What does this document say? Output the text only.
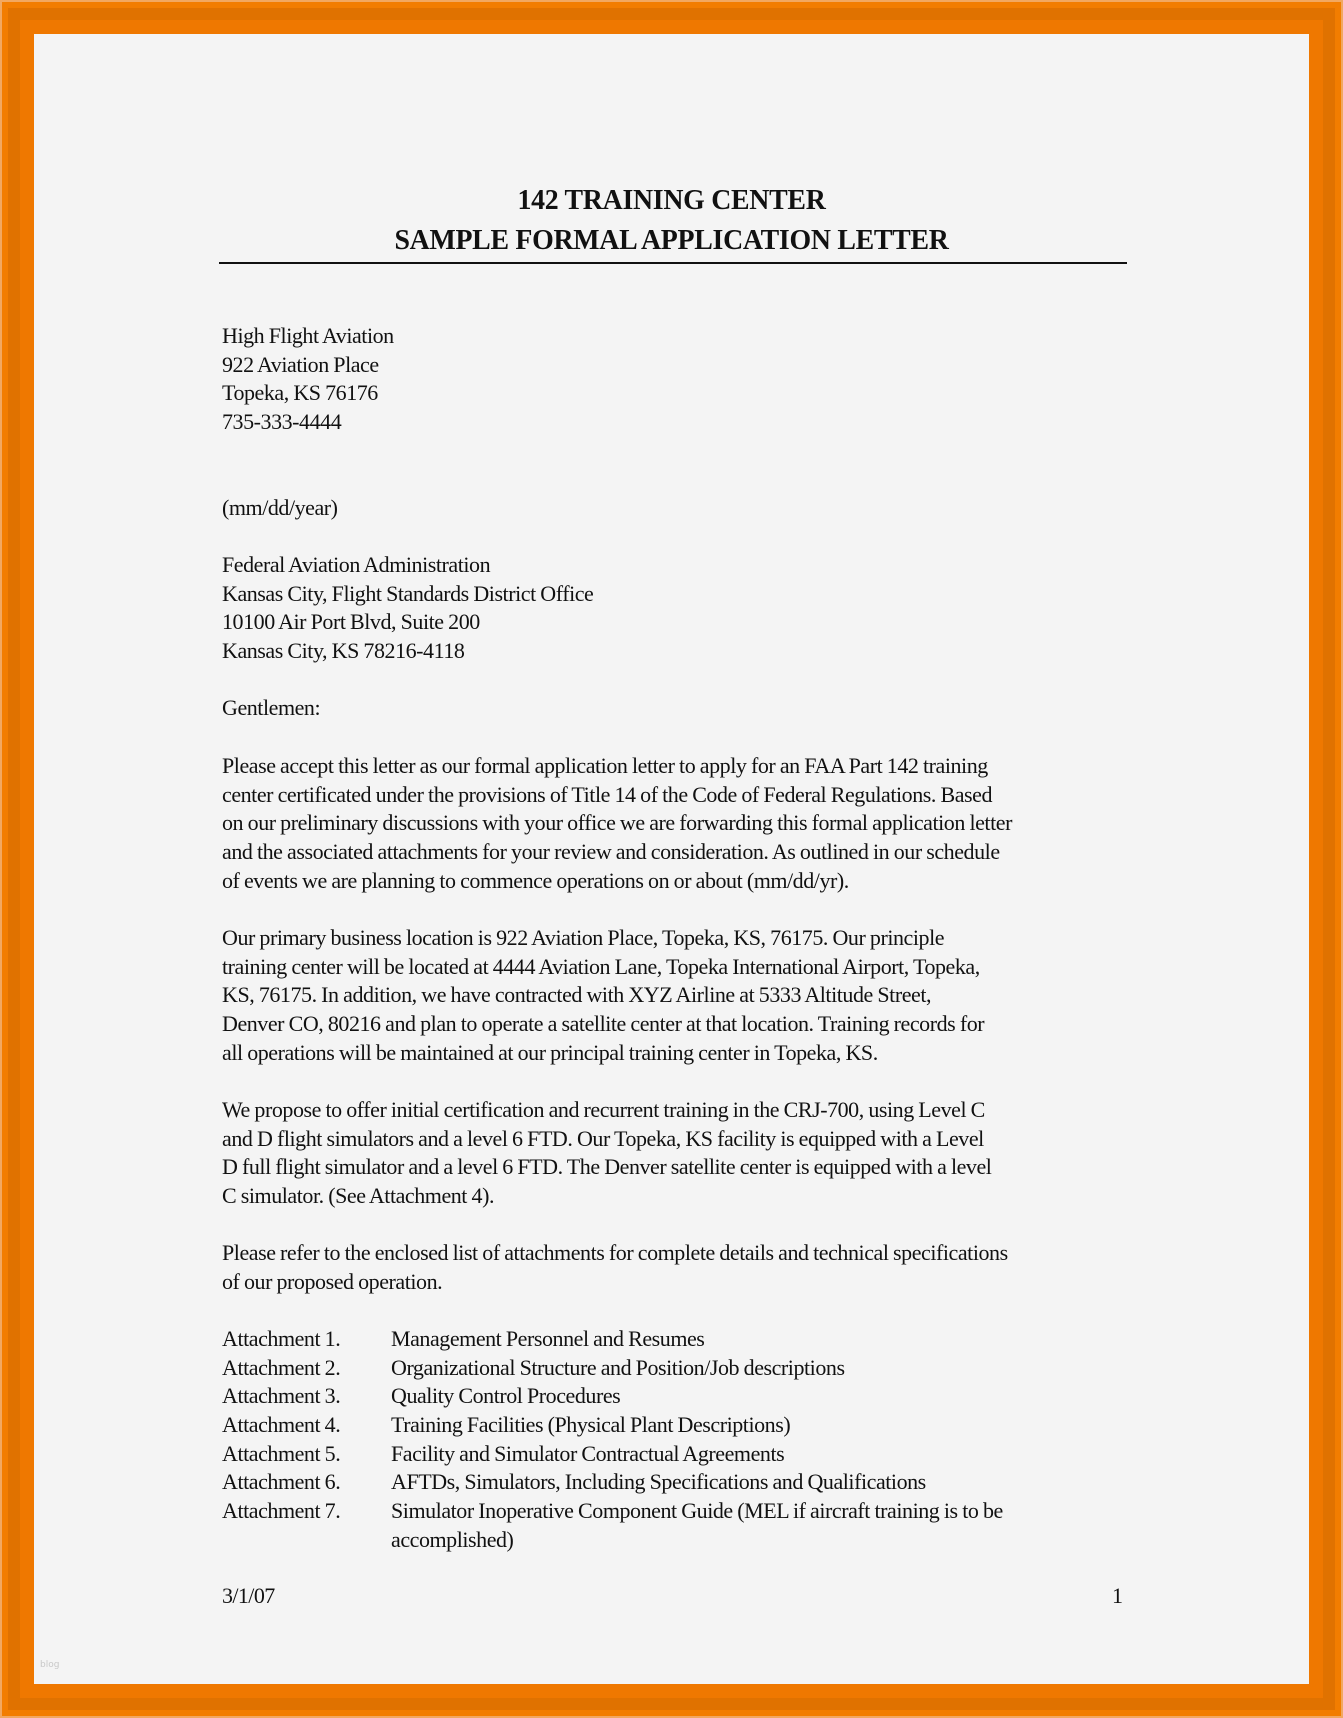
142 TRAINING CENTER
SAMPLE FORMAL APPLICATION LETTER
High Flight Aviation
922 Aviation Place
Topeka, KS 76176
735-333-4444
(mm/dd/year)
Federal Aviation Administration
Kansas City, Flight Standards District Office
10100 Air Port Blvd, Suite 200
Kansas City, KS 78216-4118
Gentlemen:
Please accept this letter as our formal application letter to apply for an FAA Part 142 training
center certificated under the provisions of Title 14 of the Code of Federal Regulations. Based
on our preliminary discussions with your office we are forwarding this formal application letter
and the associated attachments for your review and consideration. As outlined in our schedule
of events we are planning to commence operations on or about (mm/dd/yr).
Our primary business location is 922 Aviation Place, Topeka, KS, 76175. Our principle
training center will be located at 4444 Aviation Lane, Topeka International Airport, Topeka,
KS, 76175. In addition, we have contracted with XYZ Airline at 5333 Altitude Street,
Denver CO, 80216 and plan to operate a satellite center at that location. Training records for
all operations will be maintained at our principal training center in Topeka, KS.
We propose to offer initial certification and recurrent training in the CRJ-700, using Level C
and D flight simulators and a level 6 FTD. Our Topeka, KS facility is equipped with a Level
D full flight simulator and a level 6 FTD. The Denver satellite center is equipped with a level
C simulator. (See Attachment 4).
Please refer to the enclosed list of attachments for complete details and technical specifications
of our proposed operation.
Attachment 1. Management Personnel and Resumes
Attachment 2. Organizational Structure and Position/Job descriptions
Attachment 3. Quality Control Procedures
Attachment 4. Training Facilities (Physical Plant Descriptions)
Attachment 5. Facility and Simulator Contractual Agreements
Attachment 6. AFTDs, Simulators, Including Specifications and Qualifications
Attachment 7. Simulator Inoperative Component Guide (MEL if aircraft training is to be
accomplished)
3/1/07	1
blog
